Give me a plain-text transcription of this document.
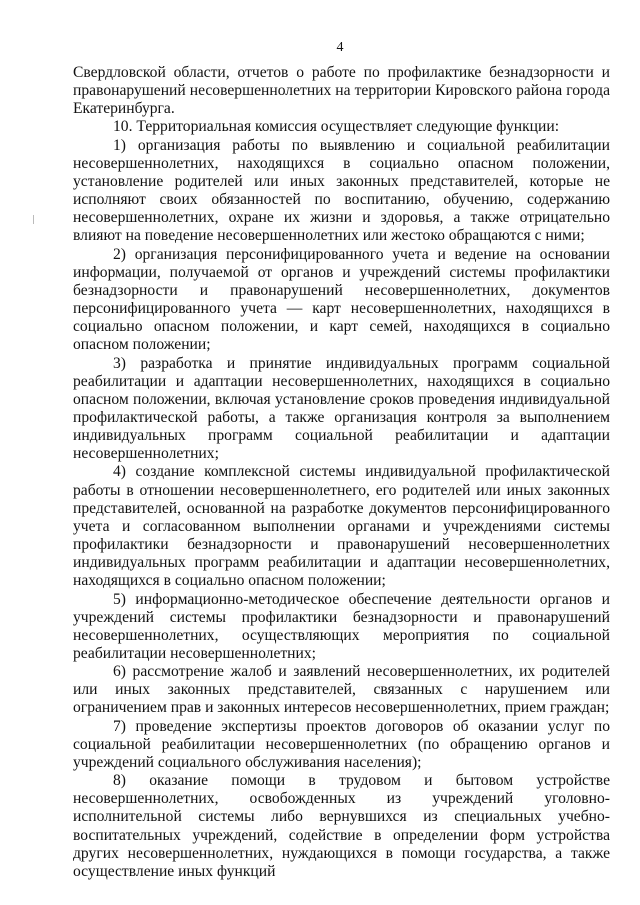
4

Свердловской области, отчетов о работе по профилактике безнадзорности и правонарушений несовершеннолетних на территории Кировского района города Екатеринбурга.

10. Территориальная комиссия осуществляет следующие функции:

1) организация работы по выявлению и социальной реабилитации несовершеннолетних, находящихся в социально опасном положении, установление родителей или иных законных представителей, которые не исполняют своих обязанностей по воспитанию, обучению, содержанию несовершеннолетних, охране их жизни и здоровья, а также отрицательно влияют на поведение несовершеннолетних или жестоко обращаются с ними;

2) организация персонифицированного учета и ведение на основании информации, получаемой от органов и учреждений системы профилактики безнадзорности и правонарушений несовершеннолетних, документов персонифицированного учета — карт несовершеннолетних, находящихся в социально опасном положении, и карт семей, находящихся в социально опасном положении;

3) разработка и принятие индивидуальных программ социальной реабилитации и адаптации несовершеннолетних, находящихся в социально опасном положении, включая установление сроков проведения индивидуальной профилактической работы, а также организация контроля за выполнением индивидуальных программ социальной реабилитации и адаптации несовершеннолетних;

4) создание комплексной системы индивидуальной профилактической работы в отношении несовершеннолетнего, его родителей или иных законных представителей, основанной на разработке документов персонифицированного учета и согласованном выполнении органами и учреждениями системы профилактики безнадзорности и правонарушений несовершеннолетних индивидуальных программ реабилитации и адаптации несовершеннолетних, находящихся в социально опасном положении;

5) информационно-методическое обеспечение деятельности органов и учреждений системы профилактики безнадзорности и правонарушений несовершеннолетних, осуществляющих мероприятия по социальной реабилитации несовершеннолетних;

6) рассмотрение жалоб и заявлений несовершеннолетних, их родителей или иных законных представителей, связанных с нарушением или ограничением прав и законных интересов несовершеннолетних, прием граждан;

7) проведение экспертизы проектов договоров об оказании услуг по социальной реабилитации несовершеннолетних (по обращению органов и учреждений социального обслуживания населения);

8) оказание помощи в трудовом и бытовом устройстве несовершеннолетних, освобожденных из учреждений уголовно-исполнительной системы либо вернувшихся из специальных учебно-воспитательных учреждений, содействие в определении форм устройства других несовершеннолетних, нуждающихся в помощи государства, а также осуществление иных функций
